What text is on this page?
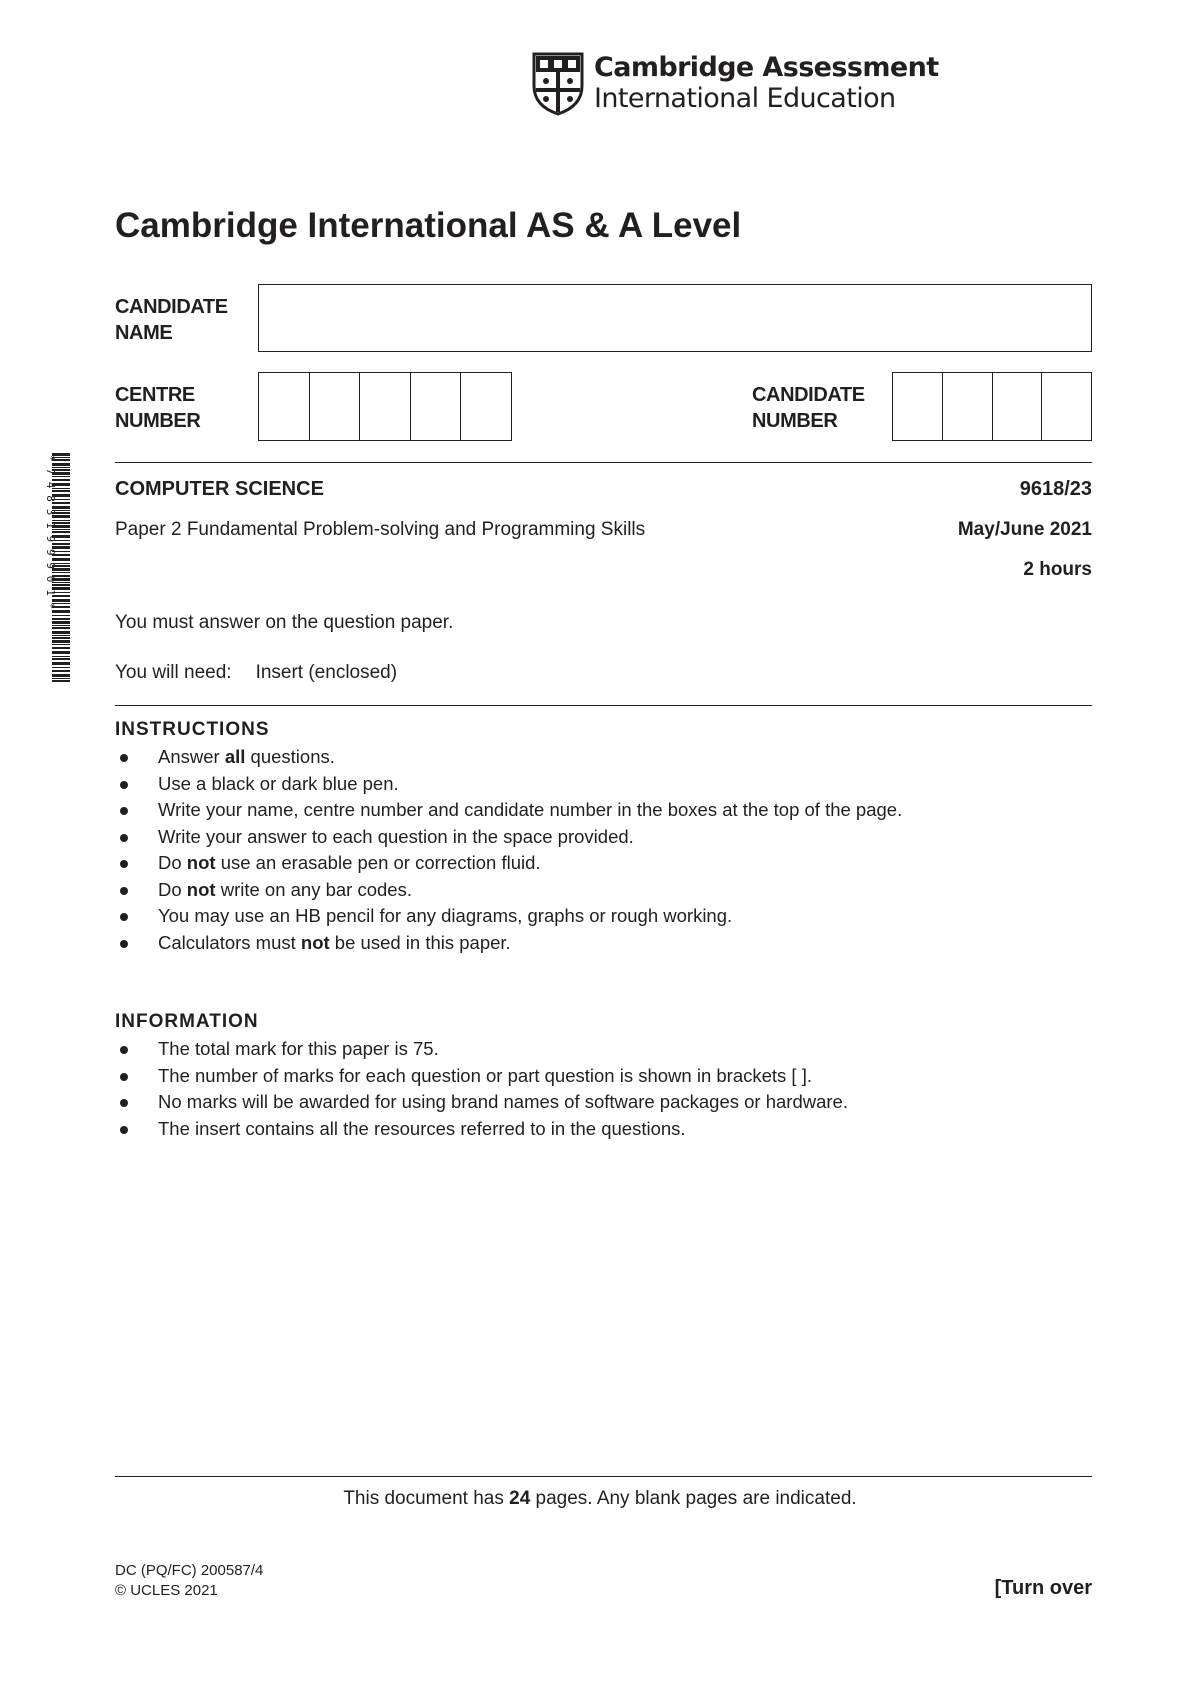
Cambridge Assessment
International Education
Cambridge International AS & A Level
CANDIDATE
NAME
CENTRE
NUMBER
CANDIDATE
NUMBER
*7483199901*	COMPUTER SCIENCE	9618/23
Paper 2 Fundamental Problem-solving and Programming Skills	May/June 2021
2 hours
You must answer on the question paper.
You will need: Insert (enclosed)
INSTRUCTIONS
Answer all questions.
Use a black or dark blue pen.
Write your name, centre number and candidate number in the boxes at the top of the page.
Write your answer to each question in the space provided.
Do not use an erasable pen or correction fluid.
Do not write on any bar codes.
You may use an HB pencil for any diagrams, graphs or rough working.
Calculators must not be used in this paper.
INFORMATION
The total mark for this paper is 75.
The number of marks for each question or part question is shown in brackets [ ].
No marks will be awarded for using brand names of software packages or hardware.
The insert contains all the resources referred to in the questions.
This document has 24 pages. Any blank pages are indicated.
DC (PQ/FC) 200587/4
© UCLES 2021	[Turn over
